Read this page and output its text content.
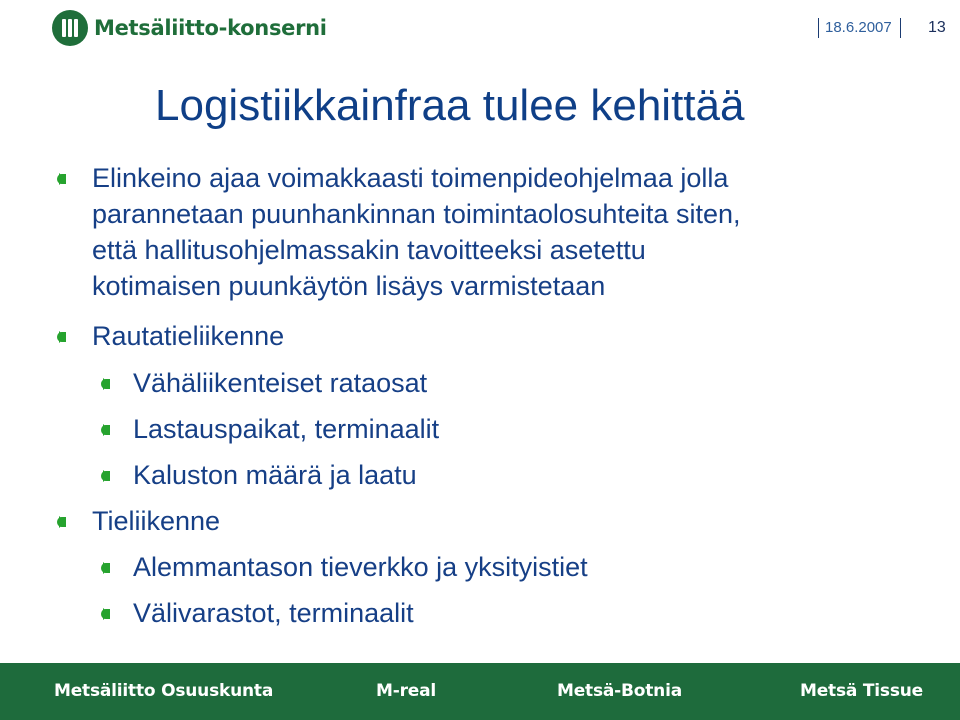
Metsäliitto-konserni	18.6.2007	13
Logistiikkainfraa tulee kehittää
Elinkeino ajaa voimakkaasti toimenpideohjelmaa jolla
parannetaan puunhankinnan toimintaolosuhteita siten,
että hallitusohjelmassakin tavoitteeksi asetettu
kotimaisen puunkäytön lisäys varmistetaan
Rautatieliikenne
Vähäliikenteiset rataosat
Lastauspaikat, terminaalit
Kaluston määrä ja laatu
Tieliikenne
Alemmantason tieverkko ja yksityistiet
Välivarastot, terminaalit
Metsäliitto Osuuskunta	M-real	Metsä-Botnia	Metsä Tissue
